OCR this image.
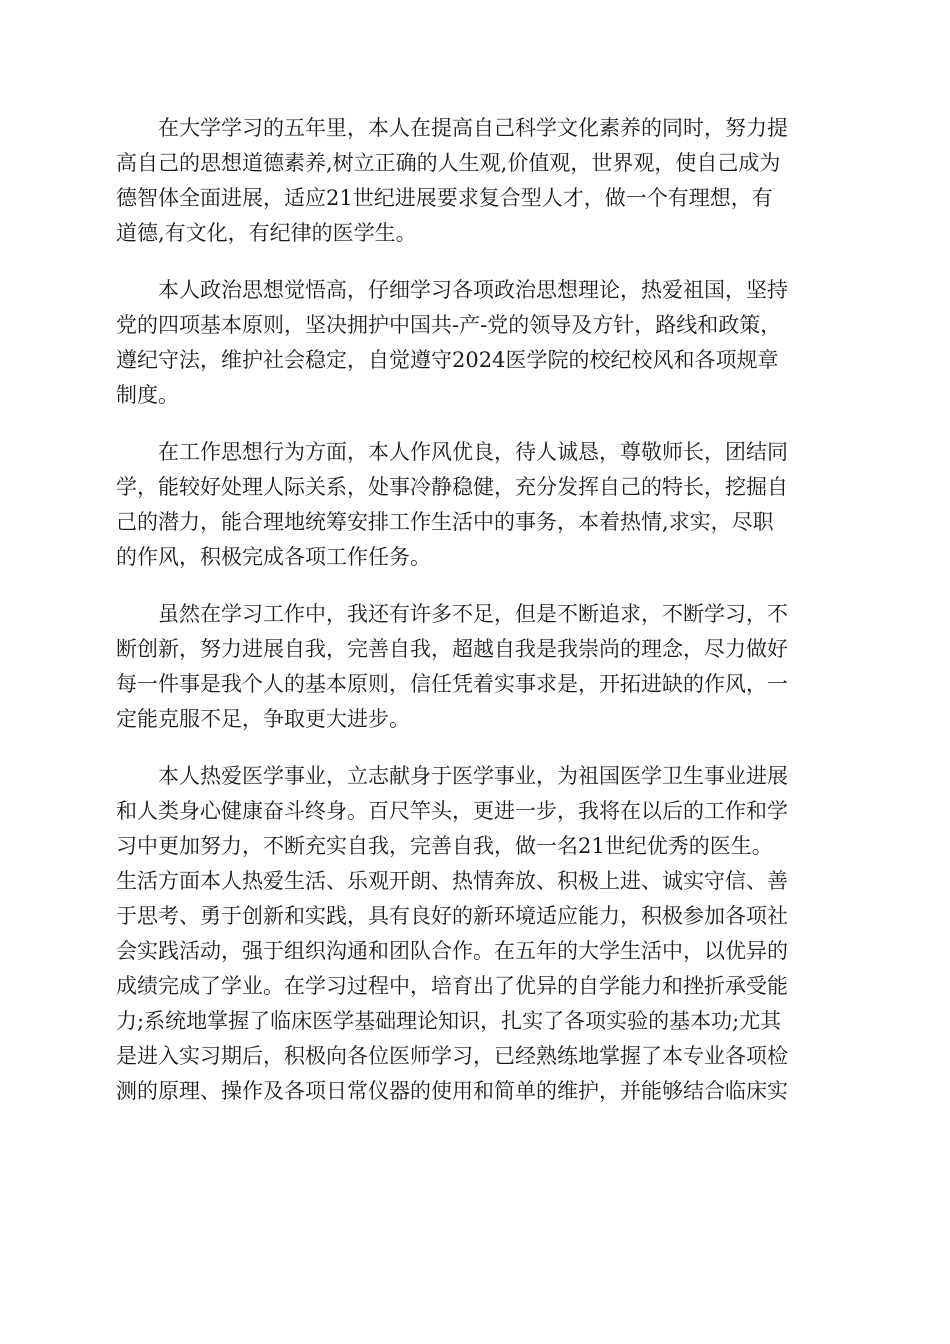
在大学学习的五年里，本人在提高自己科学文化素养的同时，努力提
高自己的思想道德素养,树立正确的人生观,价值观，世界观，使自己成为
德智体全面进展，适应21世纪进展要求复合型人才，做一个有理想，有
道德,有文化，有纪律的医学生。
本人政治思想觉悟高，仔细学习各项政治思想理论，热爱祖国，坚持
党的四项基本原则，坚决拥护中国共-产-党的领导及方针，路线和政策，
遵纪守法，维护社会稳定，自觉遵守2024医学院的校纪校风和各项规章
制度。
在工作思想行为方面，本人作风优良，待人诚恳，尊敬师长，团结同
学，能较好处理人际关系，处事冷静稳健，充分发挥自己的特长，挖掘自
己的潜力，能合理地统筹安排工作生活中的事务，本着热情,求实，尽职
的作风，积极完成各项工作任务。
虽然在学习工作中，我还有许多不足，但是不断追求，不断学习，不
断创新，努力进展自我，完善自我，超越自我是我崇尚的理念，尽力做好
每一件事是我个人的基本原则，信任凭着实事求是，开拓进缺的作风，一
定能克服不足，争取更大进步。
本人热爱医学事业，立志献身于医学事业，为祖国医学卫生事业进展
和人类身心健康奋斗终身。百尺竿头，更进一步，我将在以后的工作和学
习中更加努力，不断充实自我，完善自我，做一名21世纪优秀的医生。
生活方面本人热爱生活、乐观开朗、热情奔放、积极上进、诚实守信、善
于思考、勇于创新和实践，具有良好的新环境适应能力，积极参加各项社
会实践活动，强于组织沟通和团队合作。在五年的大学生活中，以优异的
成绩完成了学业。在学习过程中，培育出了优异的自学能力和挫折承受能
力;系统地掌握了临床医学基础理论知识，扎实了各项实验的基本功;尤其
是进入实习期后，积极向各位医师学习，已经熟练地掌握了本专业各项检
测的原理、操作及各项日常仪器的使用和简单的维护，并能够结合临床实
